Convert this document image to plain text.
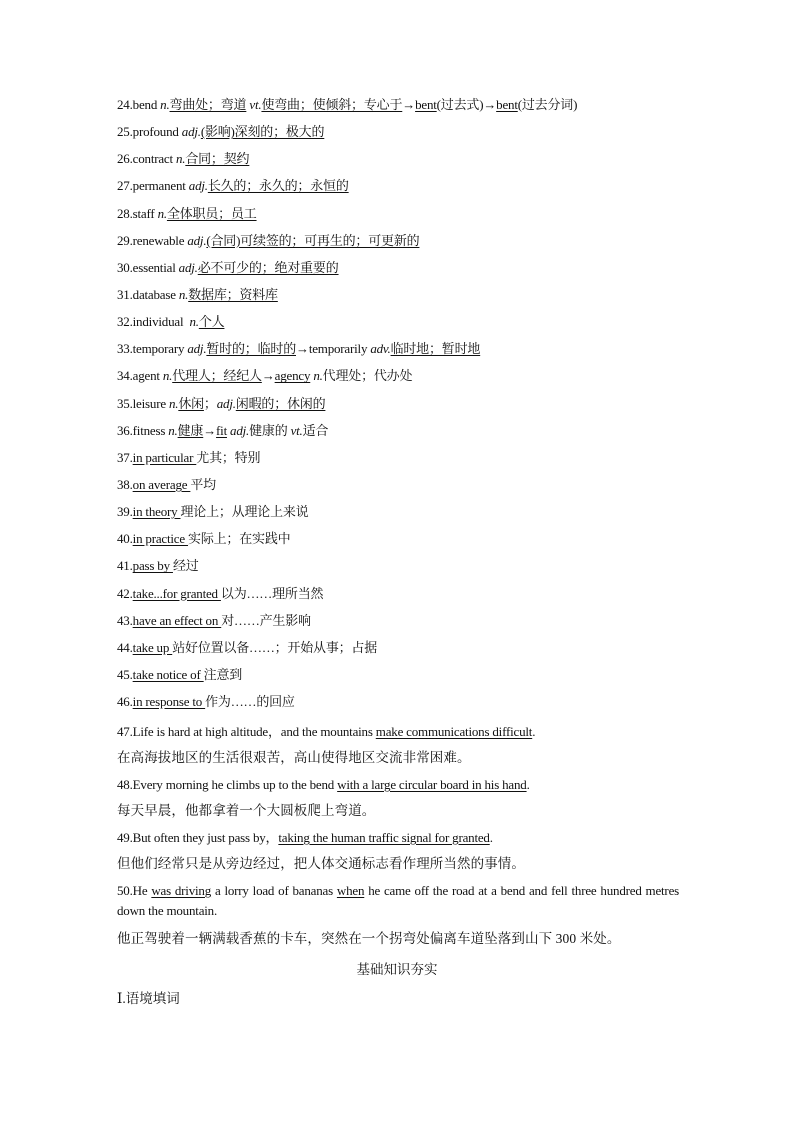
24.bend n.弯曲处；弯道 vt.使弯曲；使倾斜；专心于→bent(过去式)→bent(过去分词)
25.profound adj.(影响)深刻的；极大的
26.contract n.合同；契约
27.permanent adj.长久的；永久的；永恒的
28.staff n.全体职员；员工
29.renewable adj.(合同)可续签的；可再生的；可更新的
30.essential adj.必不可少的；绝对重要的
31.database n.数据库；资料库
32.individual  n.个人
33.temporary adj.暂时的；临时的→temporarily adv.临时地；暂时地
34.agent n.代理人；经纪人→agency n.代理处；代办处
35.leisure n.休闲；adj.闲暇的；休闲的
36.fitness n.健康→fit adj.健康的 vt.适合
37.in particular 尤其；特别
38.on average 平均
39.in theory 理论上；从理论上来说
40.in practice 实际上；在实践中
41.pass by 经过
42.take...for granted 以为……理所当然
43.have an effect on 对……产生影响
44.take up 站好位置以备……；开始从事；占据
45.take notice of 注意到
46.in response to 作为……的回应
47.Life is hard at high altitude，and the mountains make communications difficult.
在高海拔地区的生活很艰苦，高山使得地区交流非常困难。
48.Every morning he climbs up to the bend with a large circular board in his hand.
每天早晨，他都拿着一个大圆板爬上弯道。
49.But often they just pass by，taking the human traffic signal for granted.
但他们经常只是从旁边经过，把人体交通标志看作理所当然的事情。
50.He was driving a lorry load of bananas when he came off the road at a bend and fell three hundred metres down the mountain.
他正驾驶着一辆满载香蕉的卡车，突然在一个拐弯处偏离车道坠落到山下 300 米处。
基础知识夯实
Ⅰ.语境填词
